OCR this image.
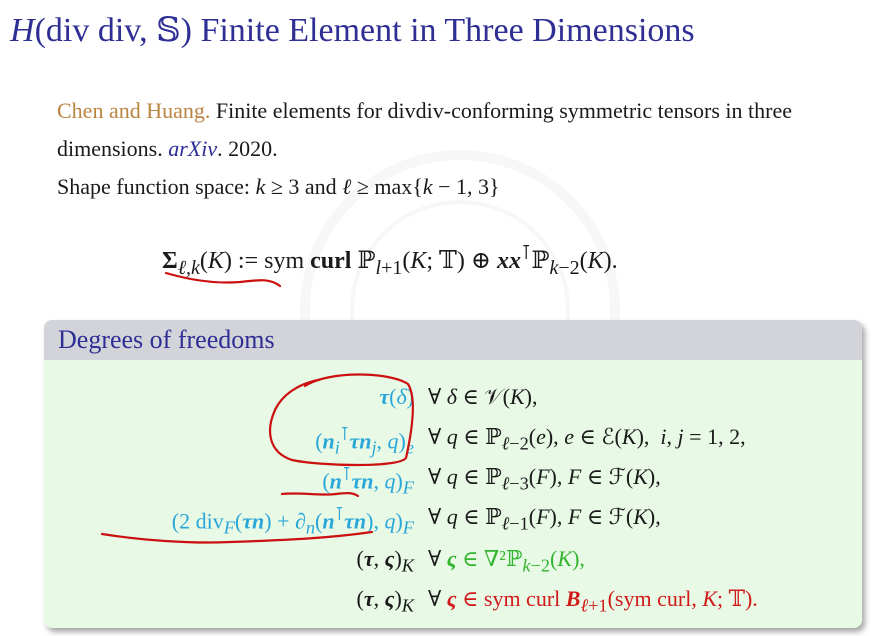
H(div div, 𝕊) Finite Element in Three Dimensions
Chen and Huang. Finite elements for divdiv-conforming symmetric tensors in three dimensions. arXiv. 2020.
Shape function space: k ≥ 3 and ℓ ≥ max{k − 1, 3}
$\Sigma_{\ell,k}(K)$ := sym curl ℙ$_{l+1}$(K; 𝕋) ⊕ xx⊺ℙ$_{k-2}$(K).
Degrees of freedoms
τ(δ) ∀ δ ∈ 𝒱(K),
($n_i^⊺\tau n_j$, $q)_e$ ∀ q ∈ ℙ$_{\ell-2}$(e), e ∈ ℰ(K),  i, j = 1, 2,
(n⊺τn, $q)_F$ ∀ q ∈ ℙ$_{\ell-3}$(F), F ∈ ℱ(K),
(2 $div_F(\tau n) + \partial_n(n^⊺\tau n)$, $q)_F$ ∀ q ∈ ℙ$_{\ell-1}$(F), F ∈ ℱ(K),
(τ, $\varsigma)_K$ ∀ ς ∈ ∇²ℙ$_{k-2}$(K),
(τ, $\varsigma)_K$ ∀ ς ∈ sym curl $B_{\ell+1}(sym$ curl, K; 𝕋).
